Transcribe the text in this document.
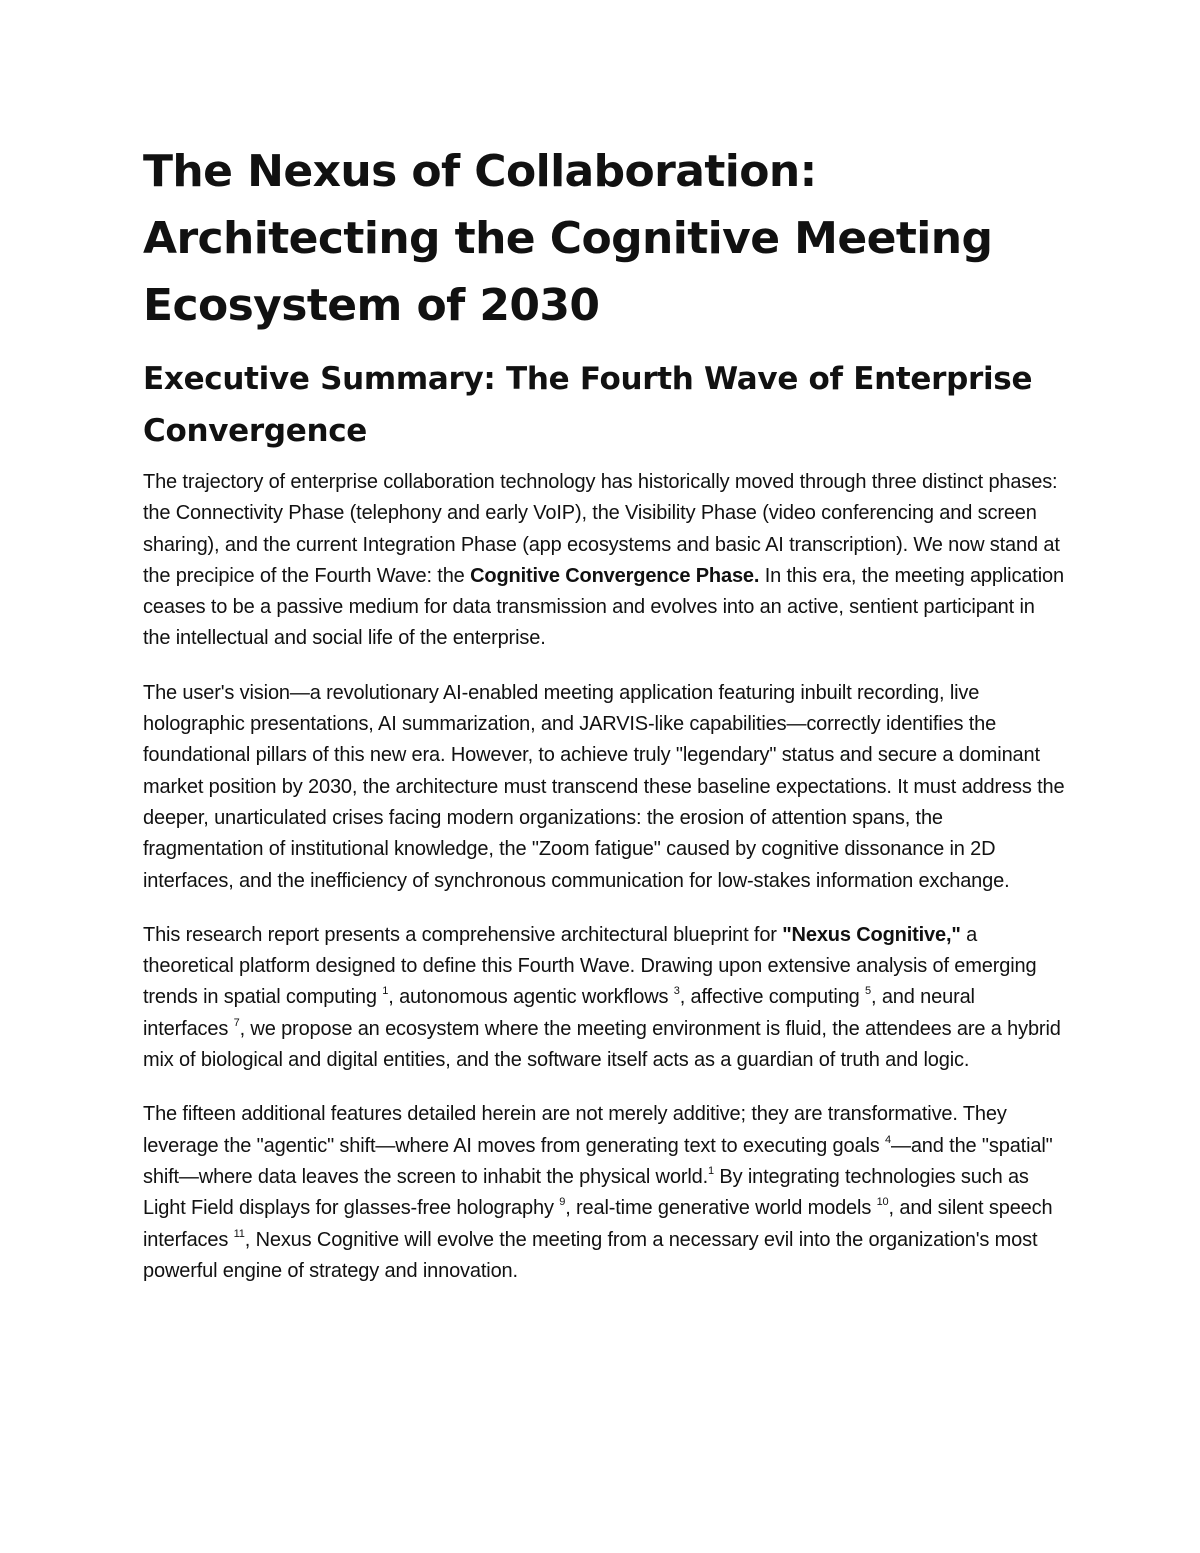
The Nexus of Collaboration: Architecting the Cognitive Meeting Ecosystem of 2030
Executive Summary: The Fourth Wave of Enterprise Convergence

The trajectory of enterprise collaboration technology has historically moved through three distinct phases: the Connectivity Phase (telephony and early VoIP), the Visibility Phase (video conferencing and screen sharing), and the current Integration Phase (app ecosystems and basic AI transcription). We now stand at the precipice of the Fourth Wave: the Cognitive Convergence Phase. In this era, the meeting application ceases to be a passive medium for data transmission and evolves into an active, sentient participant in the intellectual and social life of the enterprise.

The user's vision—a revolutionary AI-enabled meeting application featuring inbuilt recording, live holographic presentations, AI summarization, and JARVIS-like capabilities—correctly identifies the foundational pillars of this new era. However, to achieve truly "legendary" status and secure a dominant market position by 2030, the architecture must transcend these baseline expectations. It must address the deeper, unarticulated crises facing modern organizations: the erosion of attention spans, the fragmentation of institutional knowledge, the "Zoom fatigue" caused by cognitive dissonance in 2D interfaces, and the inefficiency of synchronous communication for low-stakes information exchange.

This research report presents a comprehensive architectural blueprint for "Nexus Cognitive," a theoretical platform designed to define this Fourth Wave. Drawing upon extensive analysis of emerging trends in spatial computing $^1$, autonomous agentic workflows $^3$, affective computing $^5$, and neural interfaces $^7$, we propose an ecosystem where the meeting environment is fluid, the attendees are a hybrid mix of biological and digital entities, and the software itself acts as a guardian of truth and logic.

The fifteen additional features detailed herein are not merely additive; they are transformative. They leverage the "agentic" shift—where AI moves from generating text to executing goals $^4$—and the "spatial" shift—where data leaves the screen to inhabit the physical world.$^1$ By integrating technologies such as Light Field displays for glasses-free holography $^9$, real-time generative world models $^{10}$, and silent speech interfaces $^{11}$, Nexus Cognitive will evolve the meeting from a necessary evil into the organization's most powerful engine of strategy and innovation.
